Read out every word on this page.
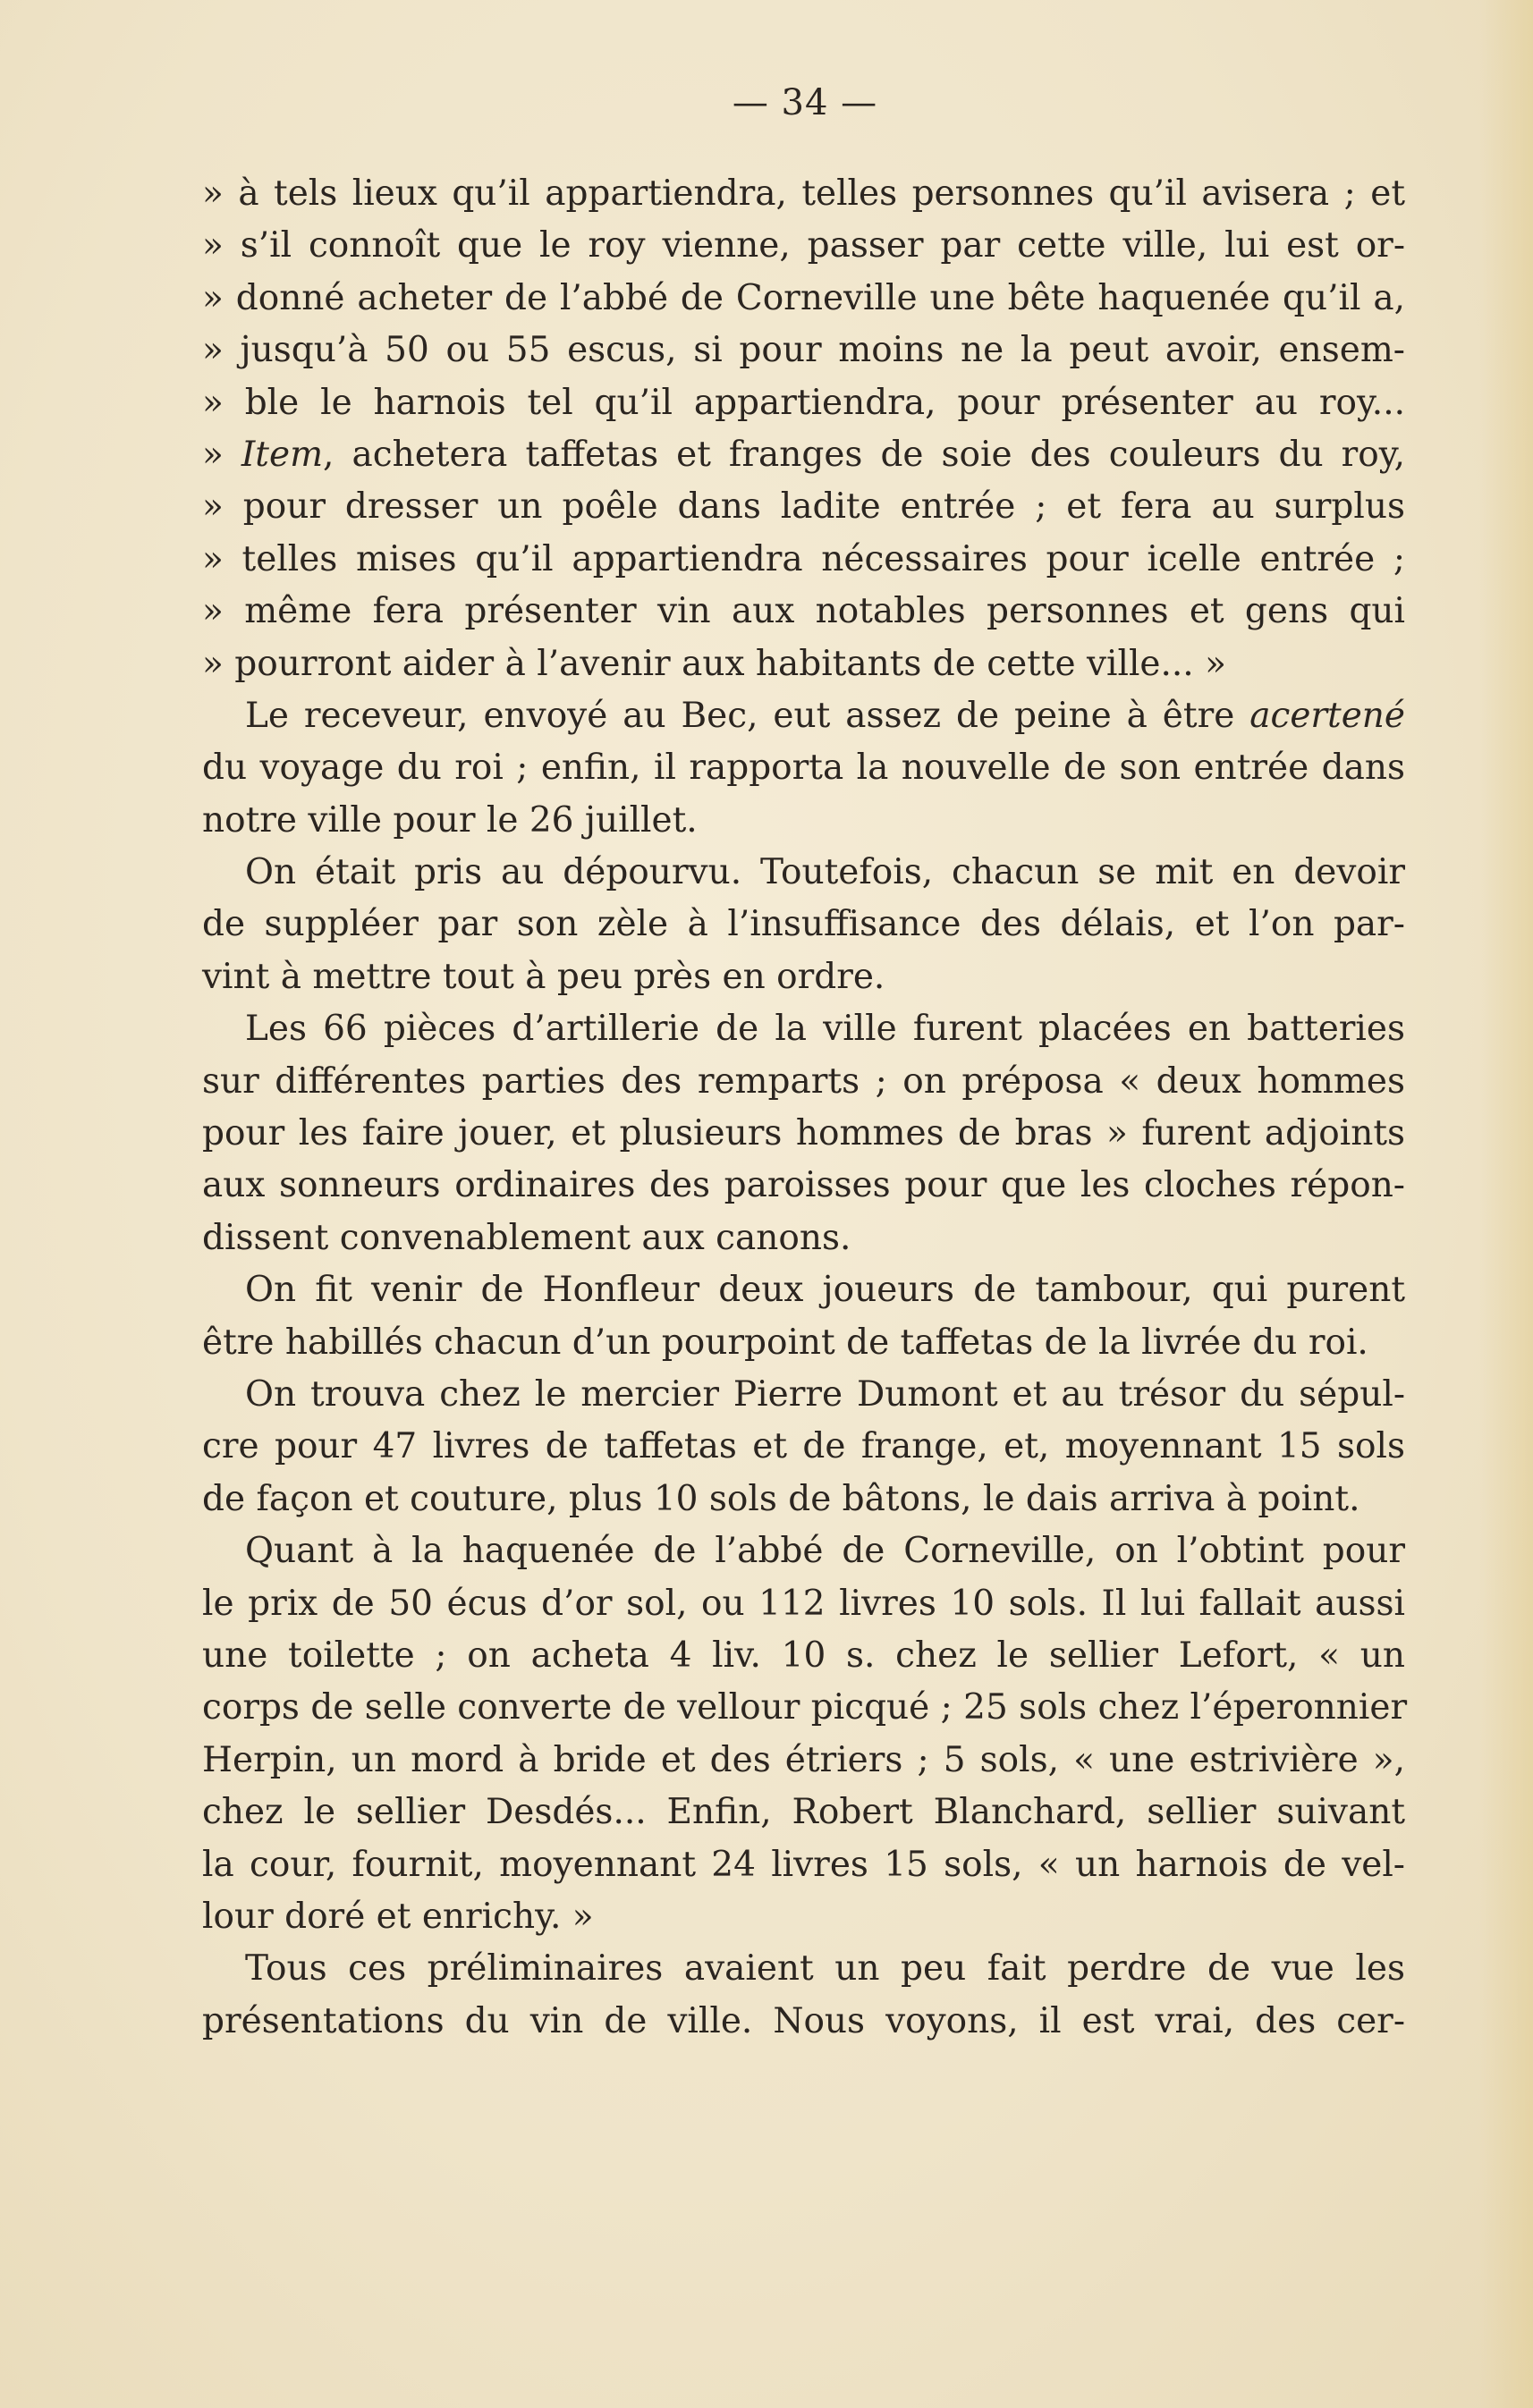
— 34 —
» à tels lieux qu’il appartiendra, telles personnes qu’il avisera ; et
» s’il connoît que le roy vienne, passer par cette ville, lui est or-
» donné acheter de l’abbé de Corneville une bête haquenée qu’il a,
» jusqu’à 50 ou 55 escus, si pour moins ne la peut avoir, ensem-
» ble le harnois tel qu’il appartiendra, pour présenter au roy...
» Item, achetera taffetas et franges de soie des couleurs du roy,
» pour dresser un poêle dans ladite entrée ; et fera au surplus
» telles mises qu’il appartiendra nécessaires pour icelle entrée ;
» même fera présenter vin aux notables personnes et gens qui
» pourront aider à l’avenir aux habitants de cette ville... »
Le receveur, envoyé au Bec, eut assez de peine à être acertené
du voyage du roi ; enfin, il rapporta la nouvelle de son entrée dans
notre ville pour le 26 juillet.
On était pris au dépourvu. Toutefois, chacun se mit en devoir
de suppléer par son zèle à l’insuffisance des délais, et l’on par-
vint à mettre tout à peu près en ordre.
Les 66 pièces d’artillerie de la ville furent placées en batteries
sur différentes parties des remparts ; on préposa « deux hommes
pour les faire jouer, et plusieurs hommes de bras » furent adjoints
aux sonneurs ordinaires des paroisses pour que les cloches répon-
dissent convenablement aux canons.
On fit venir de Honfleur deux joueurs de tambour, qui purent
être habillés chacun d’un pourpoint de taffetas de la livrée du roi.
On trouva chez le mercier Pierre Dumont et au trésor du sépul-
cre pour 47 livres de taffetas et de frange, et, moyennant 15 sols
de façon et couture, plus 10 sols de bâtons, le dais arriva à point.
Quant à la haquenée de l’abbé de Corneville, on l’obtint pour
le prix de 50 écus d’or sol, ou 112 livres 10 sols. Il lui fallait aussi
une toilette ; on acheta 4 liv. 10 s. chez le sellier Lefort, « un
corps de selle converte de vellour picqué ; 25 sols chez l’éperonnier
Herpin, un mord à bride et des étriers ; 5 sols, « une estrivière »,
chez le sellier Desdés... Enfin, Robert Blanchard, sellier suivant
la cour, fournit, moyennant 24 livres 15 sols, « un harnois de vel-
lour doré et enrichy. »
Tous ces préliminaires avaient un peu fait perdre de vue les
présentations du vin de ville. Nous voyons, il est vrai, des cer-
